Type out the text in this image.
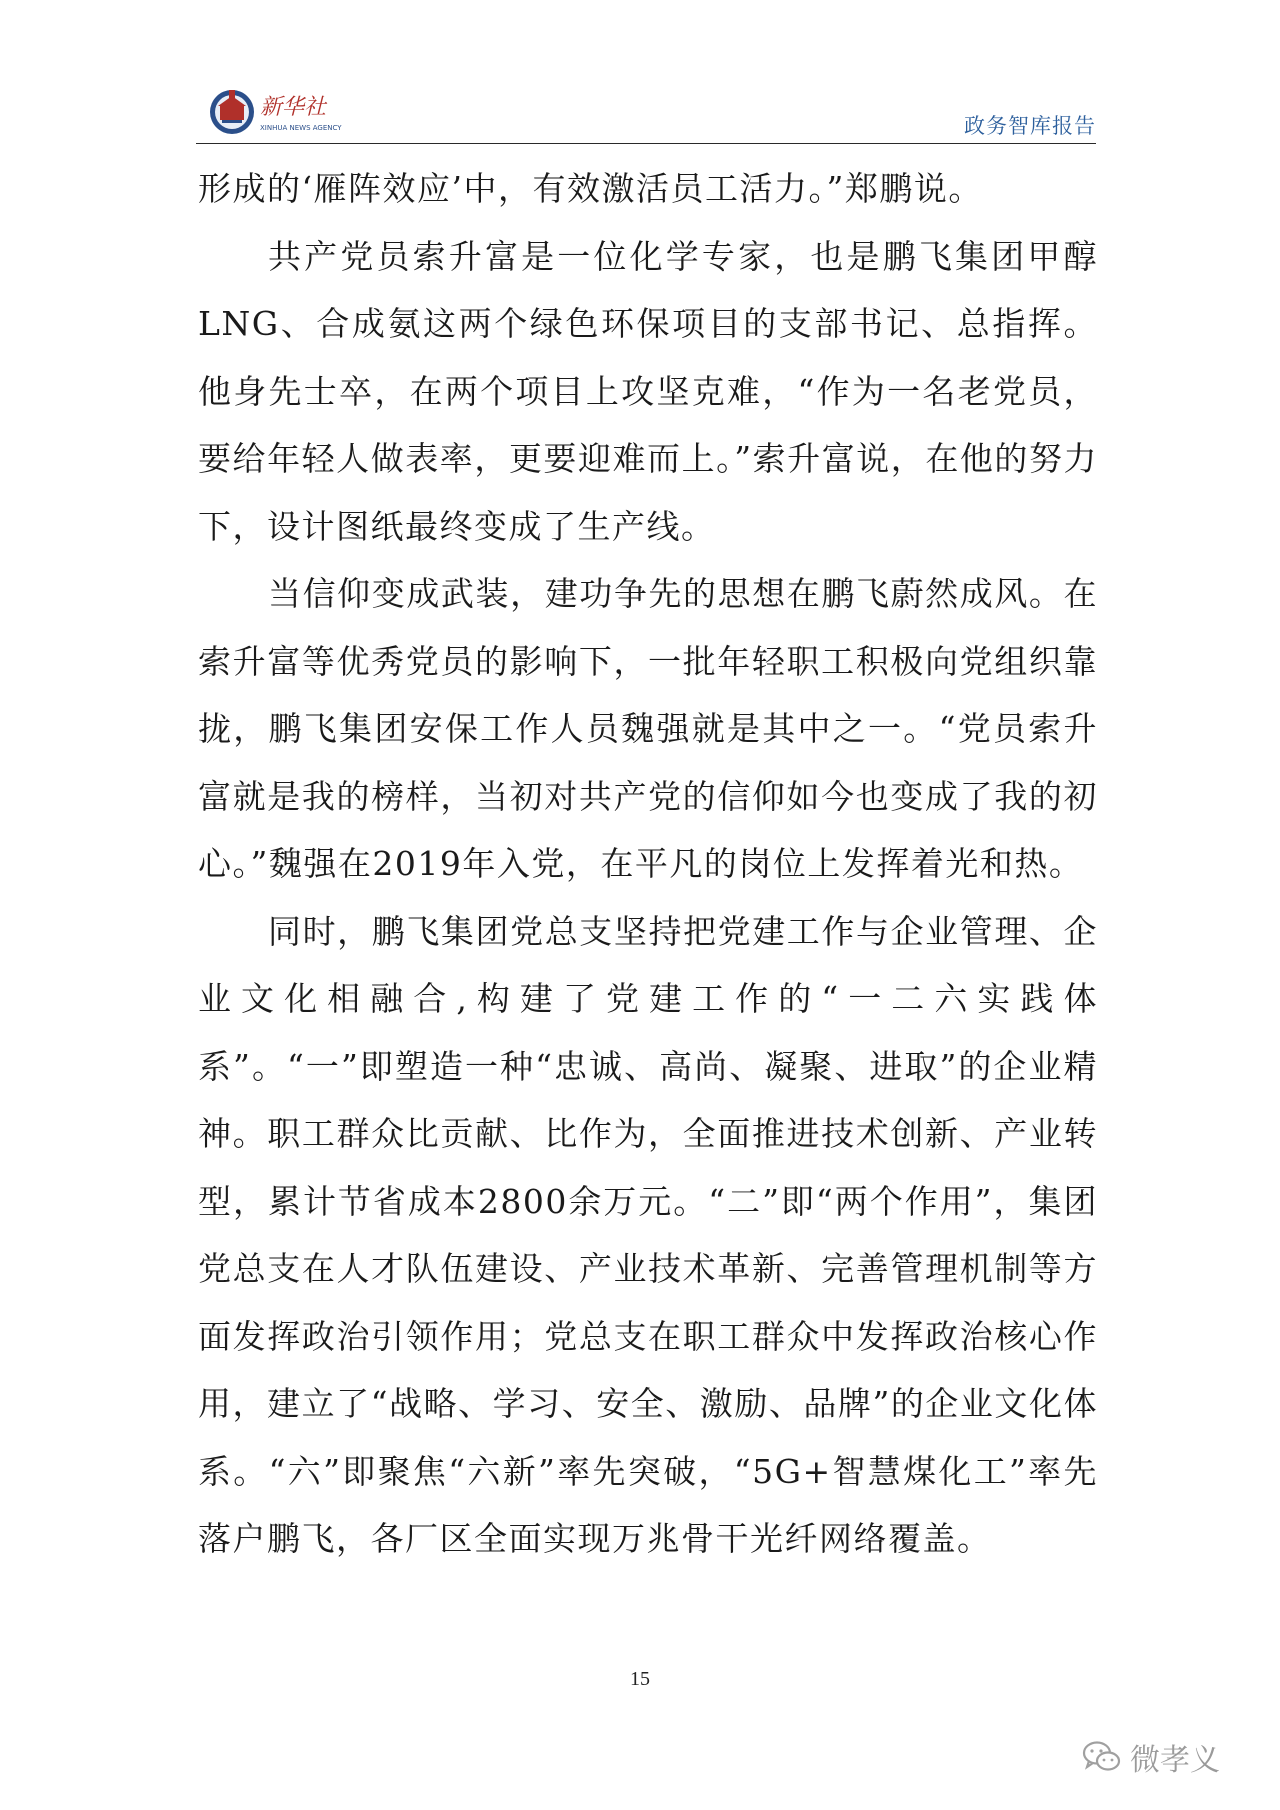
新华社
XINHUA NEWS AGENCY	政务智库报告

形成的‘雁阵效应’中，有效激活员工活力。”郑鹏说。

共产党员索升富是一位化学专家，也是鹏飞集团甲醇LNG、合成氨这两个绿色环保项目的支部书记、总指挥。他身先士卒，在两个项目上攻坚克难，“作为一名老党员，要给年轻人做表率，更要迎难而上。”索升富说，在他的努力下，设计图纸最终变成了生产线。

当信仰变成武装，建功争先的思想在鹏飞蔚然成风。在索升富等优秀党员的影响下，一批年轻职工积极向党组织靠拢，鹏飞集团安保工作人员魏强就是其中之一。“党员索升富就是我的榜样，当初对共产党的信仰如今也变成了我的初心。”魏强在2019年入党，在平凡的岗位上发挥着光和热。

同时，鹏飞集团党总支坚持把党建工作与企业管理、企业文化相融合,构建了党建工作的“一二六实践体系”。“一”即塑造一种“忠诚、高尚、凝聚、进取”的企业精神。职工群众比贡献、比作为，全面推进技术创新、产业转型，累计节省成本2800余万元。“二”即“两个作用”，集团党总支在人才队伍建设、产业技术革新、完善管理机制等方面发挥政治引领作用；党总支在职工群众中发挥政治核心作用，建立了“战略、学习、安全、激励、品牌”的企业文化体系。“六”即聚焦“六新”率先突破，“5G+智慧煤化工”率先落户鹏飞，各厂区全面实现万兆骨干光纤网络覆盖。

15
微孝义
